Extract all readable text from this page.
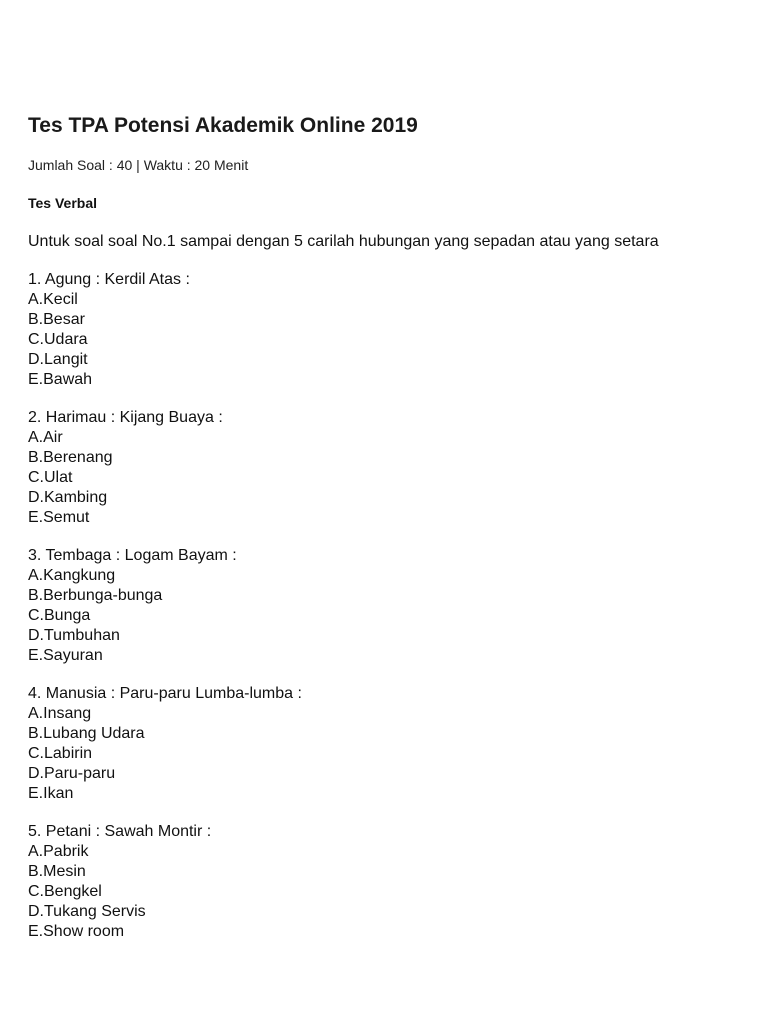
Tes TPA Potensi Akademik Online 2019
Jumlah Soal : 40 | Waktu : 20 Menit
Tes Verbal
Untuk soal soal No.1 sampai dengan 5 carilah hubungan yang sepadan atau yang setara
1. Agung : Kerdil Atas :
A.Kecil
B.Besar
C.Udara
D.Langit
E.Bawah
2. Harimau : Kijang Buaya :
A.Air
B.Berenang
C.Ulat
D.Kambing
E.Semut
3. Tembaga : Logam Bayam :
A.Kangkung
B.Berbunga-bunga
C.Bunga
D.Tumbuhan
E.Sayuran
4. Manusia : Paru-paru Lumba-lumba :
A.Insang
B.Lubang Udara
C.Labirin
D.Paru-paru
E.Ikan
5. Petani : Sawah Montir :
A.Pabrik
B.Mesin
C.Bengkel
D.Tukang Servis
E.Show room
